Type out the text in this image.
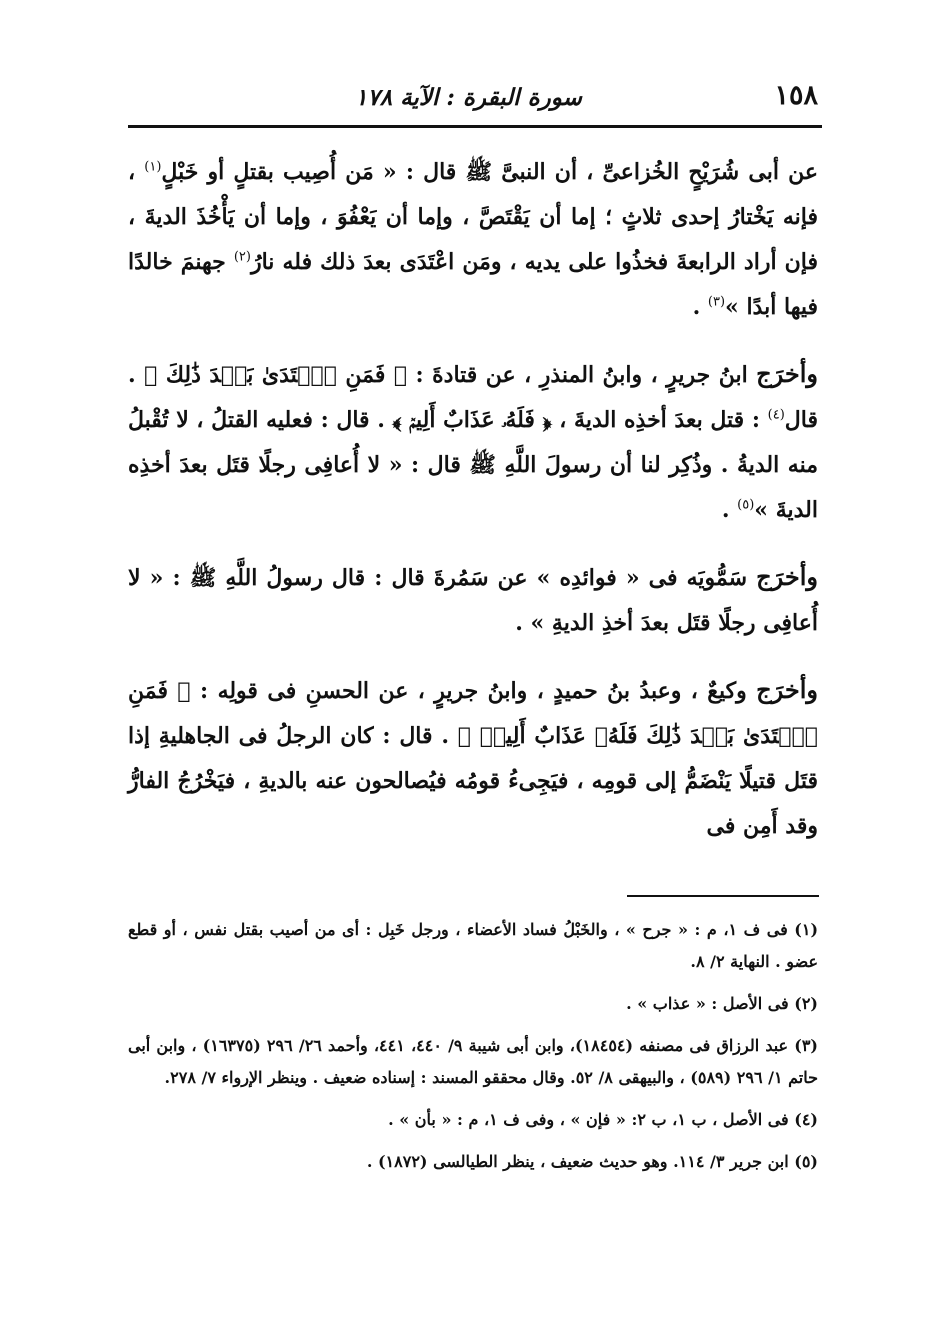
١٥٨
سورة البقرة : الآية ١٧٨

عن أبى شُرَيْحٍ الخُزاعىِّ ، أن النبىَّ ﷺ قال : « مَن أُصِيب بقتلٍ أو خَبْلٍ$^{(١)}$ ، فإنه يَخْتارُ إحدى ثلاثٍ ؛ إما أن يَقْتَصَّ ، وإما أن يَعْفُوَ ، وإما أن يَأْخُذَ الديةَ ، فإن أراد الرابعةَ فخذُوا على يديه ، ومَن اعْتَدَى بعدَ ذلك فله نارُ$^{(٢)}$ جهنمَ خالدًا فيها أبدًا »$^{(٣)}$ .

وأخرَج ابنُ جريرٍ ، وابنُ المنذرِ ، عن قتادةَ : ﴿ فَمَنِ ٱعۡتَدَىٰ بَعۡدَ ذَٰلِكَ ﴾ . قال$^{(٤)}$ : قتل بعدَ أخذِه الديةَ ، ﴿ فَلَهُۥ عَذَابٌ أَلِيمٞ ﴾ . قال : فعليه القتلُ ، لا تُقْبلُ منه الديةُ . وذُكِر لنا أن رسولَ اللَّهِ ﷺ قال : « لا أُعافِى رجلًا قتَل بعدَ أخذِه الديةَ »$^{(٥)}$ .

وأخرَج سَمُّويَه فى « فوائدِه » عن سَمُرةَ قال : قال رسولُ اللَّهِ ﷺ : « لا أُعافِى رجلًا قتَل بعدَ أخذِ الديةِ » .

وأخرَج وكيعٌ ، وعبدُ بنُ حميدٍ ، وابنُ جريرٍ ، عن الحسنِ فى قولِه : ﴿ فَمَنِ ٱعۡتَدَىٰ بَعۡدَ ذَٰلِكَ فَلَهُۥ عَذَابٌ أَلِيمٞ ﴾ . قال : كان الرجلُ فى الجاهليةِ إذا قتَل قتيلًا يَنْضَمُّ إلى قومِه ، فيَجِىءُ قومُه فيُصالحون عنه بالديةِ ، فيَخْرُجُ الفارُّ وقد أَمِن فى

(١) فى ف ١، م : « جرح » ، والخَبْلُ فساد الأعضاء ، ورجل خَبِل : أى من أصيب بقتل نفس ، أو قطع عضو . النهاية ٢/ ٨.

(٢) فى الأصل : « عذاب » .

(٣) عبد الرزاق فى مصنفه (١٨٤٥٤)، وابن أبى شيبة ٩/ ٤٤٠، ٤٤١، وأحمد ٢٦/ ٢٩٦ (١٦٣٧٥) ، وابن أبى حاتم ١/ ٢٩٦ (٥٨٩) ، والبيهقى ٨/ ٥٢. وقال محققو المسند : إسناده ضعيف . وينظر الإرواء ٧/ ٢٧٨.

(٤) فى الأصل ، ب ١، ب ٢: « فإن » ، وفى ف ١، م : « بأن » .

(٥) ابن جرير ٣/ ١١٤. وهو حديث ضعيف ، ينظر الطيالسى (١٨٧٢) .
